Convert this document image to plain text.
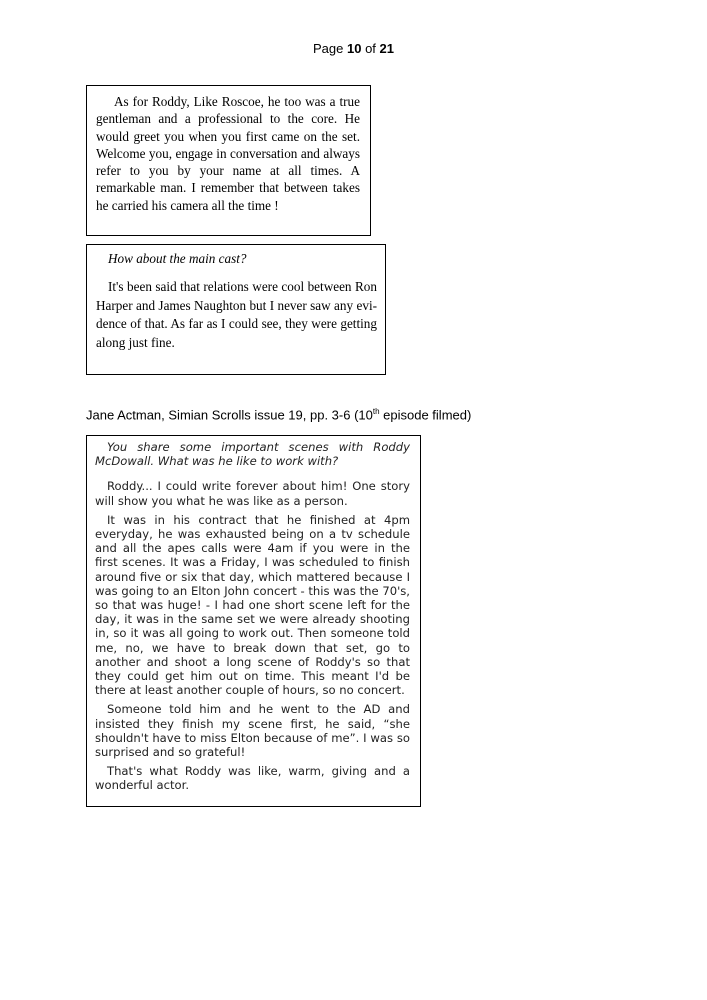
Page 10 of 21

As for Roddy, Like Roscoe, he too was a true gentleman and a professional to the core. He would greet you when you first came on the set. Welcome you, engage in conversation and always refer to you by your name at all times. A remarkable man. I remember that between takes he carried his camera all the time !

How about the main cast?

It's been said that relations were cool between Ron Harper and James Naughton but I never saw any evi-dence of that. As far as I could see, they were getting along just fine.

Jane Actman, Simian Scrolls issue 19, pp. 3-6 (10th episode filmed)

You share some important scenes with Roddy McDowall. What was he like to work with?

Roddy... I could write forever about him! One story will show you what he was like as a person.

It was in his contract that he finished at 4pm everyday, he was exhausted being on a tv schedule and all the apes calls were 4am if you were in the first scenes. It was a Friday, I was scheduled to finish around five or six that day, which mattered because I was going to an Elton John concert - this was the 70's, so that was huge! - I had one short scene left for the day, it was in the same set we were already shooting in, so it was all going to work out. Then someone told me, no, we have to break down that set, go to another and shoot a long scene of Roddy's so that they could get him out on time. This meant I'd be there at least another couple of hours, so no concert.

Someone told him and he went to the AD and insisted they finish my scene first, he said, “she shouldn't have to miss Elton because of me”. I was so surprised and so grateful!

That's what Roddy was like, warm, giving and a wonderful actor.
